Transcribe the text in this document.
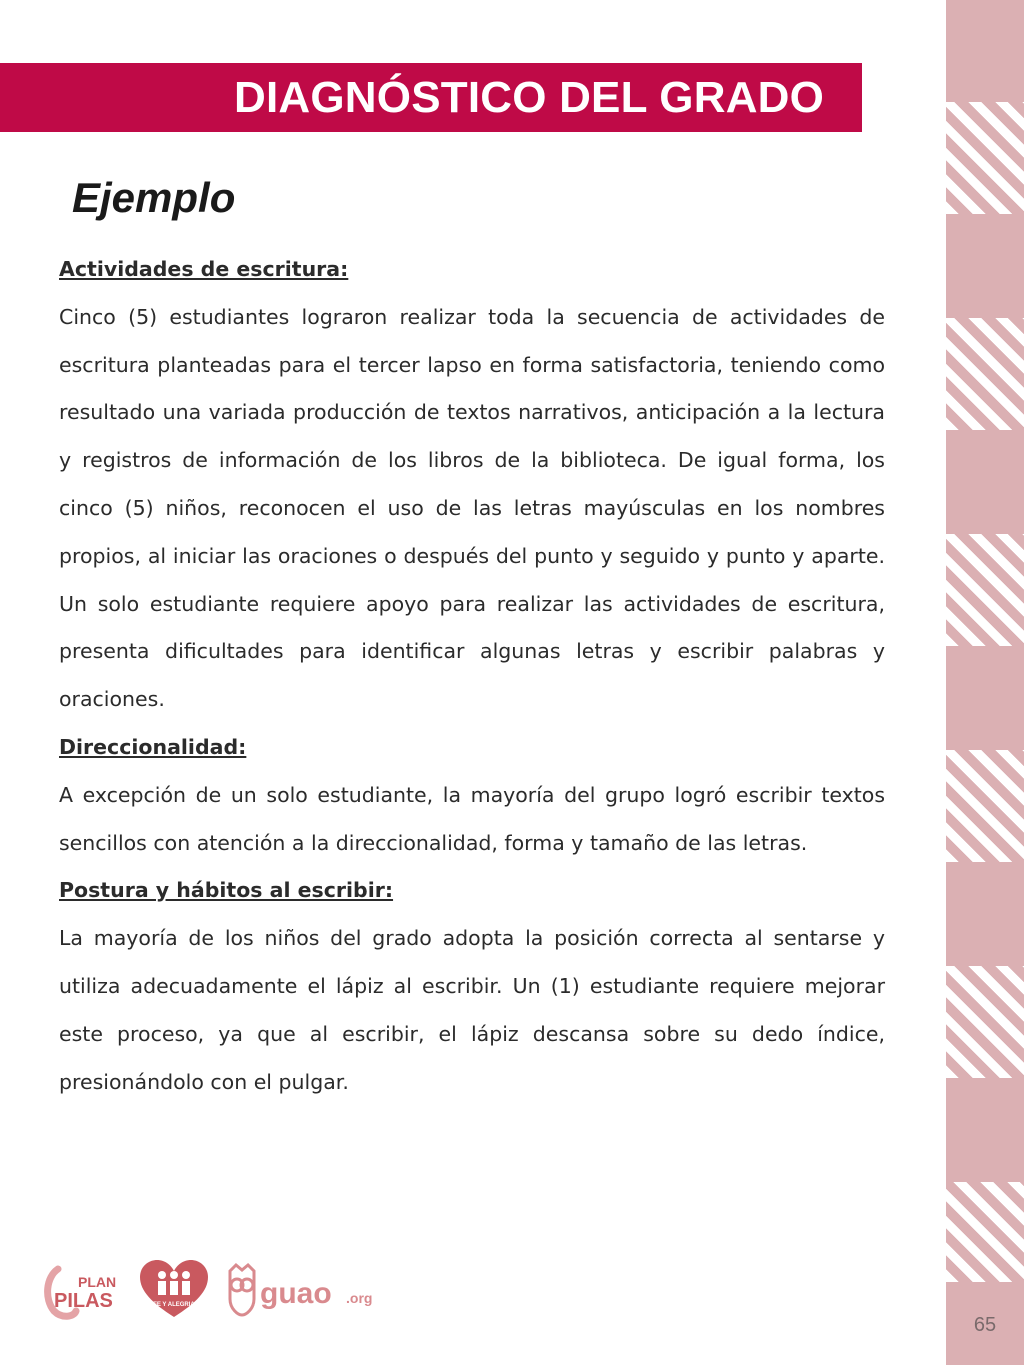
65
DIAGNÓSTICO DEL GRADO
Ejemplo
Actividades de escritura:

Cinco (5) estudiantes lograron realizar toda la secuencia de actividades de escritura planteadas para el tercer lapso en forma satisfactoria, teniendo como resultado una variada producción de textos narrativos, anticipación a la lectura y registros de información de los libros de la biblioteca. De igual forma, los cinco (5) niños, reconocen el uso de las letras mayúsculas en los nombres propios, al iniciar las oraciones o después del punto y seguido y punto y aparte. Un solo estudiante requiere apoyo para realizar las actividades de escritura, presenta dificultades para identificar algunas letras y escribir palabras y oraciones.

Direccionalidad:

A excepción de un solo estudiante, la mayoría del grupo logró escribir textos sencillos con atención a la direccionalidad, forma y tamaño de las letras.

Postura y hábitos al escribir:

La mayoría de los niños del grado adopta la posición correcta al sentarse y utiliza adecuadamente el lápiz al escribir. Un (1) estudiante requiere mejorar este proceso, ya que al escribir, el lápiz descansa sobre su dedo índice, presionándolo con el pulgar.

PLAN
PILAS	FE Y ALEGRIA guao .org
